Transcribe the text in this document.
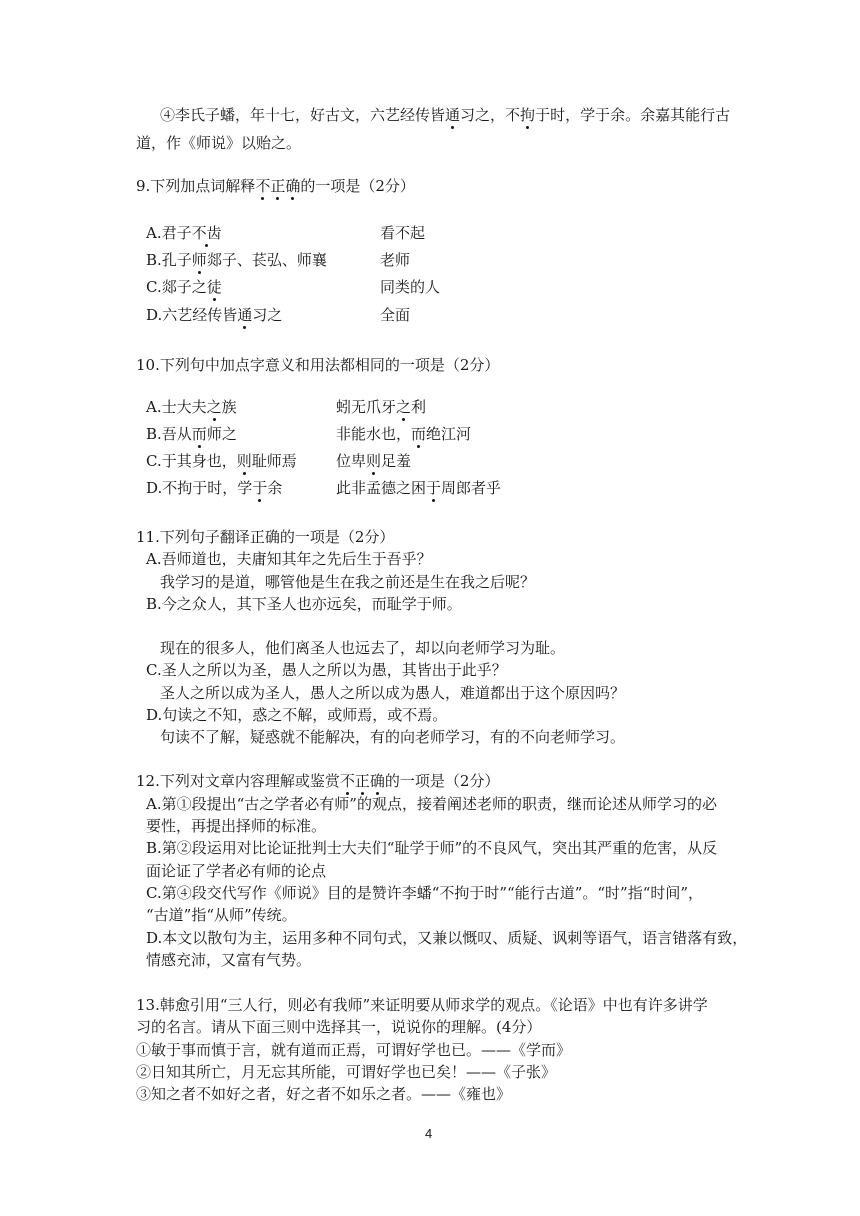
④李氏子蟠，年十七，好古文，六艺经传皆通习之，不拘于时，学于余。余嘉其能行古
道，作《师说》以贻之。
9.下列加点词解释不正确的一项是（2分）
A.君子不齿	看不起
B.孔子师郯子、苌弘、师襄	老师
C.郯子之徒	同类的人
D.六艺经传皆通习之	全面
10.下列句中加点字意义和用法都相同的一项是（2分）
A.士大夫之族	蚓无爪牙之利
B.吾从而师之	非能水也，而绝江河
C.于其身也，则耻师焉	位卑则足羞
D.不拘于时，学于余	此非孟德之困于周郎者乎
11.下列句子翻译正确的一项是（2分）
A.吾师道也，夫庸知其年之先后生于吾乎？
我学习的是道，哪管他是生在我之前还是生在我之后呢？
B.今之众人，其下圣人也亦远矣，而耻学于师。
现在的很多人，他们离圣人也远去了，却以向老师学习为耻。
C.圣人之所以为圣，愚人之所以为愚，其皆出于此乎？
圣人之所以成为圣人，愚人之所以成为愚人，难道都出于这个原因吗？
D.句读之不知，惑之不解，或师焉，或不焉。
句读不了解，疑惑就不能解决，有的向老师学习，有的不向老师学习。
12.下列对文章内容理解或鉴赏不正确的一项是（2分）
A.第①段提出“古之学者必有师”的观点，接着阐述老师的职责，继而论述从师学习的必
要性，再提出择师的标准。
B.第②段运用对比论证批判士大夫们“耻学于师”的不良风气，突出其严重的危害，从反
面论证了学者必有师的论点
C.第④段交代写作《师说》目的是赞许李蟠“不拘于时”“能行古道”。“时”指“时间”，
“古道”指“从师”传统。
D.本文以散句为主，运用多种不同句式，又兼以慨叹、质疑、讽刺等语气，语言错落有致，
情感充沛，又富有气势。
13.韩愈引用“三人行，则必有我师”来证明要从师求学的观点。《论语》中也有许多讲学
习的名言。请从下面三则中选择其一，说说你的理解。(4分）
①敏于事而慎于言，就有道而正焉，可谓好学也已。——《学而》
②日知其所亡，月无忘其所能，可谓好学也已矣！——《子张》
③知之者不如好之者，好之者不如乐之者。——《雍也》
4
